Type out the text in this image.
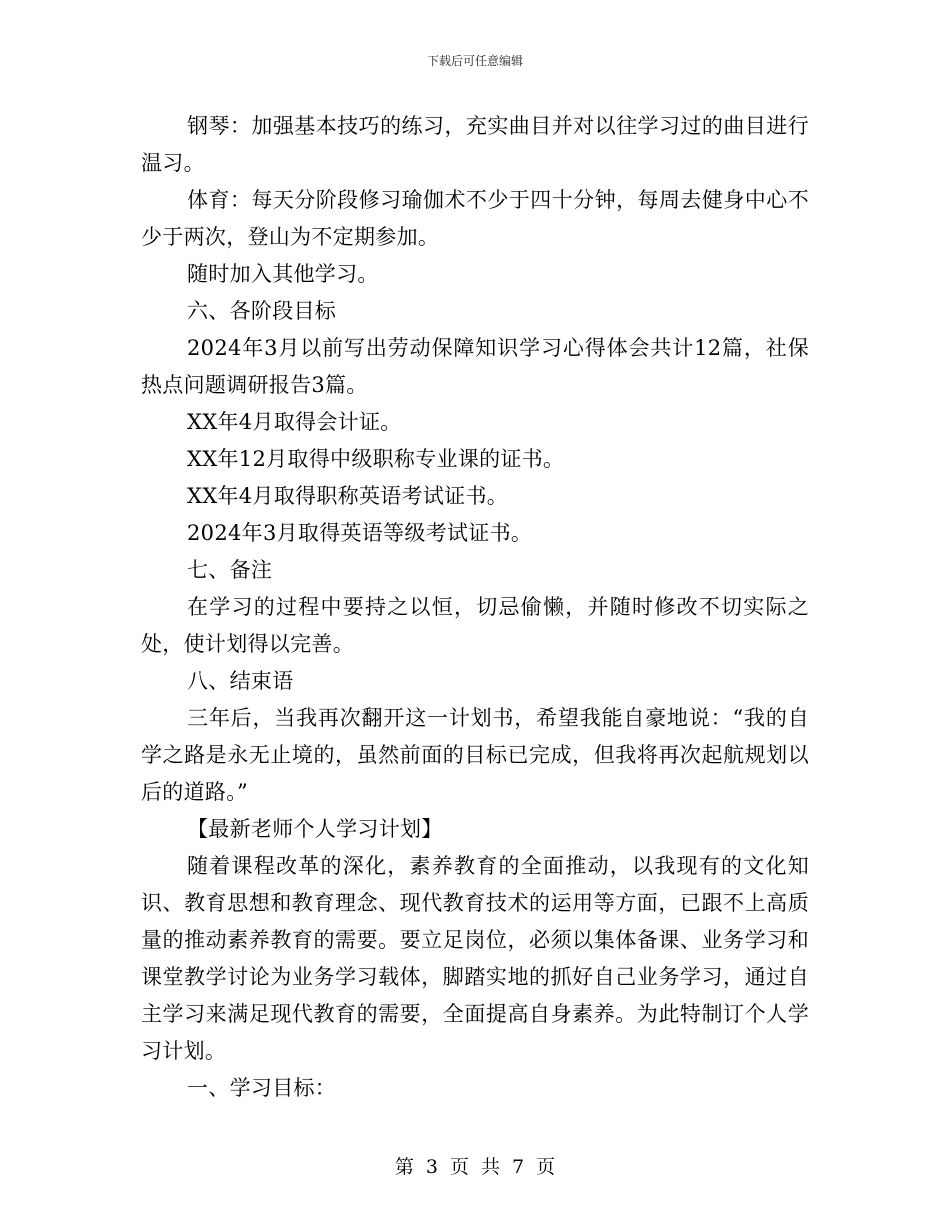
下载后可任意编辑

钢琴：加强基本技巧的练习，充实曲目并对以往学习过的曲目进行温习。

体育：每天分阶段修习瑜伽术不少于四十分钟，每周去健身中心不少于两次，登山为不定期参加。

随时加入其他学习。

六、各阶段目标

2024年3月以前写出劳动保障知识学习心得体会共计12篇，社保热点问题调研报告3篇。

XX年4月取得会计证。

XX年12月取得中级职称专业课的证书。

XX年4月取得职称英语考试证书。

2024年3月取得英语等级考试证书。

七、备注

在学习的过程中要持之以恒，切忌偷懒，并随时修改不切实际之处，使计划得以完善。

八、结束语

三年后，当我再次翻开这一计划书，希望我能自豪地说：“我的自学之路是永无止境的，虽然前面的目标已完成，但我将再次起航规划以后的道路。”

【最新老师个人学习计划】

随着课程改革的深化，素养教育的全面推动，以我现有的文化知识、教育思想和教育理念、现代教育技术的运用等方面，已跟不上高质量的推动素养教育的需要。要立足岗位，必须以集体备课、业务学习和课堂教学讨论为业务学习载体，脚踏实地的抓好自己业务学习，通过自主学习来满足现代教育的需要，全面提高自身素养。为此特制订个人学习计划。

一、学习目标：

第 3 页 共 7 页
